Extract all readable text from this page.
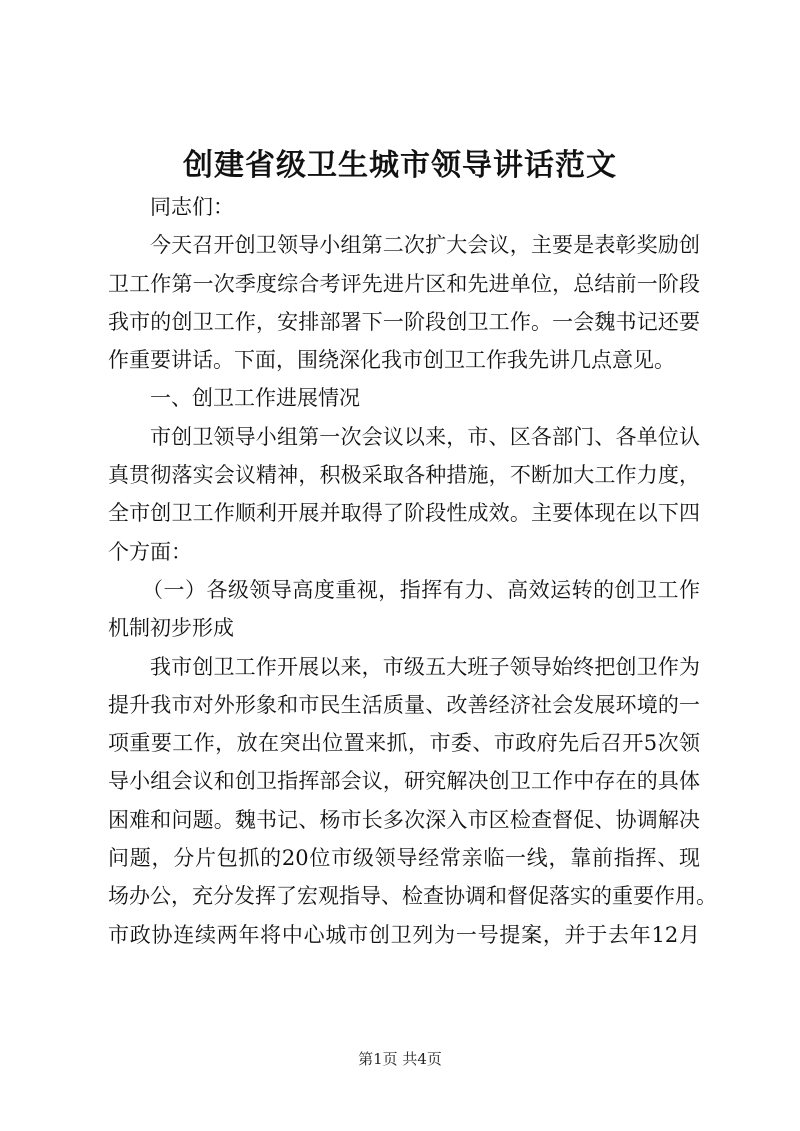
创建省级卫生城市领导讲话范文
同志们：
今天召开创卫领导小组第二次扩大会议，主要是表彰奖励创
卫工作第一次季度综合考评先进片区和先进单位，总结前一阶段
我市的创卫工作，安排部署下一阶段创卫工作。一会魏书记还要
作重要讲话。下面，围绕深化我市创卫工作我先讲几点意见。
一、创卫工作进展情况
市创卫领导小组第一次会议以来，市、区各部门、各单位认
真贯彻落实会议精神，积极采取各种措施，不断加大工作力度，
全市创卫工作顺利开展并取得了阶段性成效。主要体现在以下四
个方面：
（一）各级领导高度重视，指挥有力、高效运转的创卫工作
机制初步形成
我市创卫工作开展以来，市级五大班子领导始终把创卫作为
提升我市对外形象和市民生活质量、改善经济社会发展环境的一
项重要工作，放在突出位置来抓，市委、市政府先后召开5次领
导小组会议和创卫指挥部会议，研究解决创卫工作中存在的具体
困难和问题。魏书记、杨市长多次深入市区检查督促、协调解决
问题，分片包抓的20位市级领导经常亲临一线，靠前指挥、现
场办公，充分发挥了宏观指导、检查协调和督促落实的重要作用。
市政协连续两年将中心城市创卫列为一号提案，并于去年12月
第1页 共4页
